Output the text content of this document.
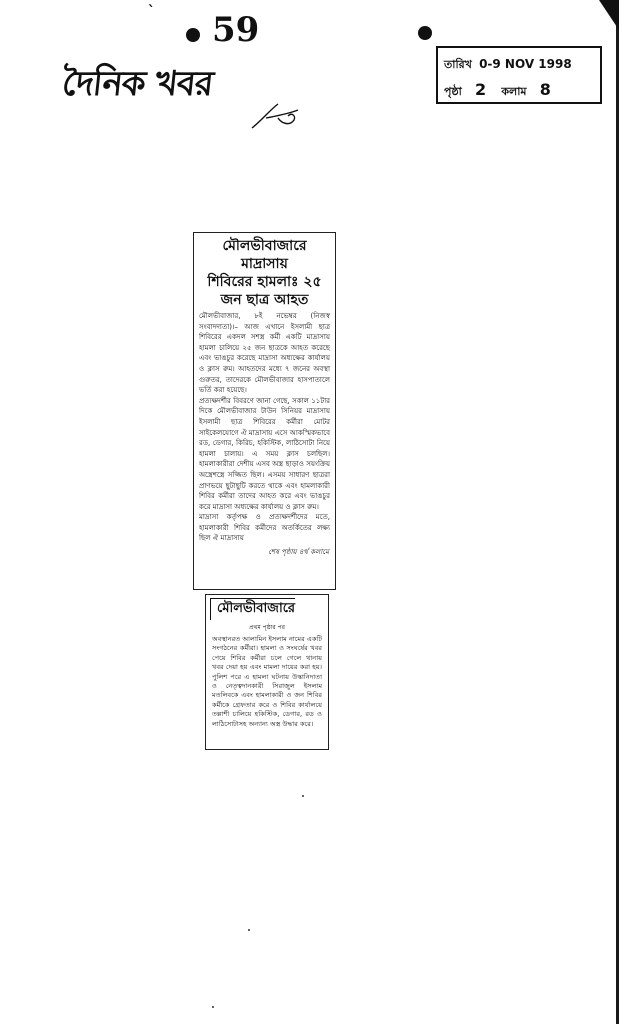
` 59
দৈনিক খবর	তারিখ 0-9 NOV 1998
পৃষ্ঠা 2 কলাম 8
মৌলভীবাজারে মাদ্রাসায়
শিবিরের হামলাঃ ২৫
জন ছাত্র আহত
মৌলভীবাজার, ৮ই নভেম্বর (নিজস্ব সংবাদদাতা)।– আজ এখানে ইসলামী ছাত্র শিবিরের একদল সশস্ত্র কর্মী একটি মাদ্রাসায় হামলা চালিয়ে ২৫ জন ছাত্রকে আহত করেছে এবং ভাঙচুর করেছে মাদ্রাসা অধ্যক্ষের কার্যালয় ও ক্লাস রুম। আহতদের মধ্যে ৭ জনের অবস্থা গুরুতর, তাদেরকে মৌলভীবাজার হাসপাতালে ভর্তি করা হয়েছে।
প্রত্যক্ষদর্শীর বিবরণে জানা গেছে, সকাল ১১টার দিকে মৌলভীবাজার টাউন সিনিয়র মাদ্রাসায় ইসলামী ছাত্র শিবিরের কর্মীরা মোটর সাইকেলযোগে ঐ মাদ্রাসায় এসে আকস্মিকভাবে রড, ডেগার, কিরিচ, হকিস্টিক, লাঠিসোটা নিয়ে হামলা চালায়। এ সময় ক্লাস চলছিল। হামলাকারীরা দেশীয় এসব অস্ত্র ছাড়াও সয়ংক্রিয় অস্ত্রেশস্ত্রে সজ্জিত ছিল। এসময় সাধারণ ছাত্ররা প্রাণভয়ে ছুটাছুটি করতে থাকে এবং হামলাকারী শিবির কর্মীরা তাদের আহত করে এবং ভাঙচুর করে মাদ্রাসা অধ্যক্ষের কার্যালয় ও ক্লাস রুম।
মাদ্রাসা কর্তৃপক্ষ ও প্রত্যক্ষদর্শীদের মতে, হামলাকারী শিবির কর্মীদের অতর্কিতের লক্ষ্য ছিল ঐ মাদ্রাসায়
শেষ পৃষ্ঠায় ৪র্থ কলামে
মৌলভীবাজারে
প্রথম পৃষ্ঠার পর
অবস্থানরত আলামিন ইসলাম নামের একটি সংগঠনের কর্মীরা। হামলা ও সংঘর্ষের খবর পেয়ে শিবির কর্মীরা চলে গেলে থানায় খবর দেয়া হয় এবং মামলা দায়ের করা হয়। পুলিশ পরে এ হামলা ঘটনায় উস্কানিদাতা ও নেতৃত্বদানকারী সিরাজুল ইসলাম মতলিবকে এবং হামলাকারী ও জন শিবির কর্মীকে গ্রেফতার করে ও শিবির কার্যালয়ে তল্লাশী চালিয়ে হকিস্টিক, ডেগার, রড ও লাঠিসোটাসহ অন্যান্য অস্ত্র উদ্ধার করে।
